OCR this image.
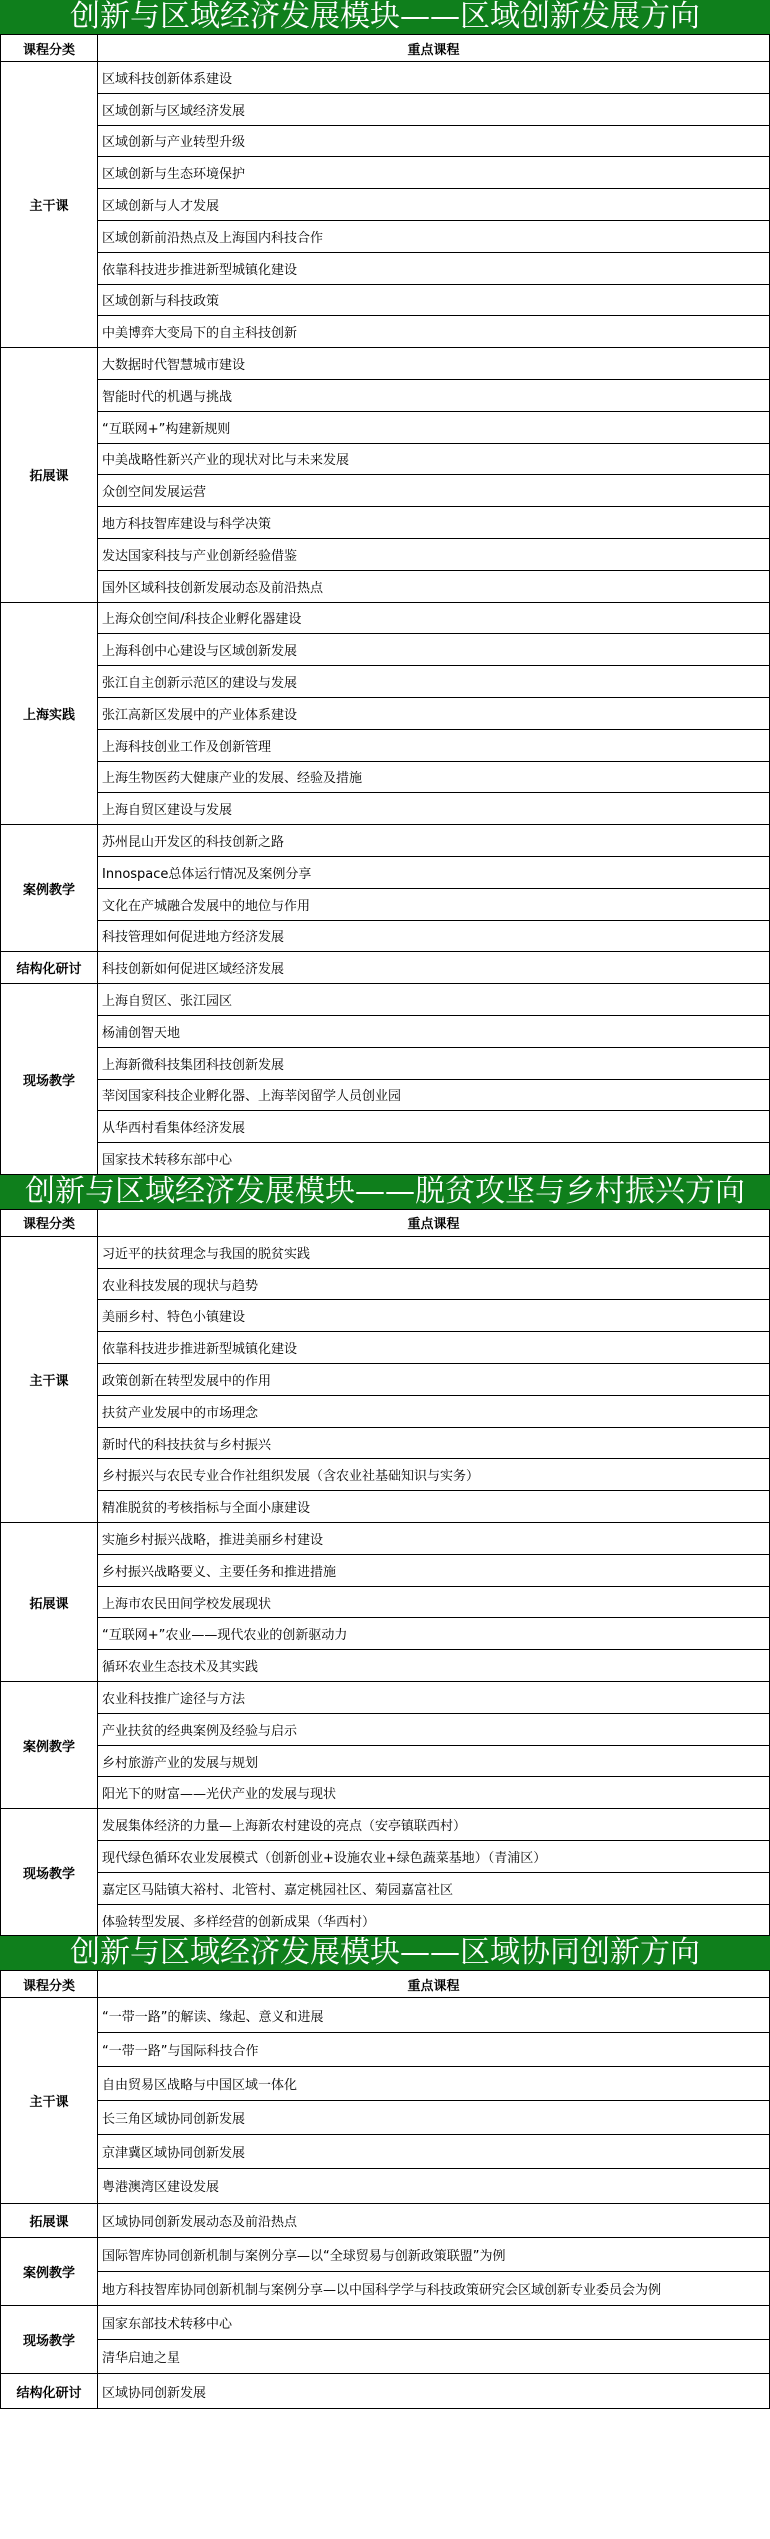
创新与区域经济发展模块——区域创新发展方向
课程分类	重点课程
主干课	区域科技创新体系建设
	区域创新与区域经济发展
	区域创新与产业转型升级
	区域创新与生态环境保护
	区域创新与人才发展
	区域创新前沿热点及上海国内科技合作
	依靠科技进步推进新型城镇化建设
	区域创新与科技政策
	中美博弈大变局下的自主科技创新
拓展课	大数据时代智慧城市建设
	智能时代的机遇与挑战
	“互联网+”构建新规则
	中美战略性新兴产业的现状对比与未来发展
	众创空间发展运营
	地方科技智库建设与科学决策
	发达国家科技与产业创新经验借鉴
	国外区域科技创新发展动态及前沿热点
上海实践	上海众创空间/科技企业孵化器建设
	上海科创中心建设与区域创新发展
	张江自主创新示范区的建设与发展
	张江高新区发展中的产业体系建设
	上海科技创业工作及创新管理
	上海生物医药大健康产业的发展、经验及措施
	上海自贸区建设与发展
案例教学	苏州昆山开发区的科技创新之路
	Innospace总体运行情况及案例分享
	文化在产城融合发展中的地位与作用
	科技管理如何促进地方经济发展
结构化研讨	科技创新如何促进区域经济发展
现场教学	上海自贸区、张江园区
	杨浦创智天地
	上海新微科技集团科技创新发展
	莘闵国家科技企业孵化器、上海莘闵留学人员创业园
	从华西村看集体经济发展
	国家技术转移东部中心
创新与区域经济发展模块——脱贫攻坚与乡村振兴方向
课程分类	重点课程
主干课	习近平的扶贫理念与我国的脱贫实践
	农业科技发展的现状与趋势
	美丽乡村、特色小镇建设
	依靠科技进步推进新型城镇化建设
	政策创新在转型发展中的作用
	扶贫产业发展中的市场理念
	新时代的科技扶贫与乡村振兴
	乡村振兴与农民专业合作社组织发展（含农业社基础知识与实务）
	精准脱贫的考核指标与全面小康建设
拓展课	实施乡村振兴战略，推进美丽乡村建设
	乡村振兴战略要义、主要任务和推进措施
	上海市农民田间学校发展现状
	“互联网+”农业——现代农业的创新驱动力
	循环农业生态技术及其实践
案例教学	农业科技推广途径与方法
	产业扶贫的经典案例及经验与启示
	乡村旅游产业的发展与规划
	阳光下的财富——光伏产业的发展与现状
现场教学	发展集体经济的力量—上海新农村建设的亮点（安亭镇联西村）
	现代绿色循环农业发展模式（创新创业+设施农业+绿色蔬菜基地）（青浦区）
	嘉定区马陆镇大裕村、北管村、嘉定桃园社区、菊园嘉富社区
	体验转型发展、多样经营的创新成果（华西村）
创新与区域经济发展模块——区域协同创新方向
课程分类	重点课程
主干课	“一带一路”的解读、缘起、意义和进展
	“一带一路”与国际科技合作
	自由贸易区战略与中国区域一体化
	长三角区域协同创新发展
	京津冀区域协同创新发展
	粤港澳湾区建设发展
拓展课	区域协同创新发展动态及前沿热点
案例教学	国际智库协同创新机制与案例分享—以“全球贸易与创新政策联盟”为例
	地方科技智库协同创新机制与案例分享—以中国科学学与科技政策研究会区域创新专业委员会为例
现场教学	国家东部技术转移中心
	清华启迪之星
结构化研讨	区域协同创新发展
